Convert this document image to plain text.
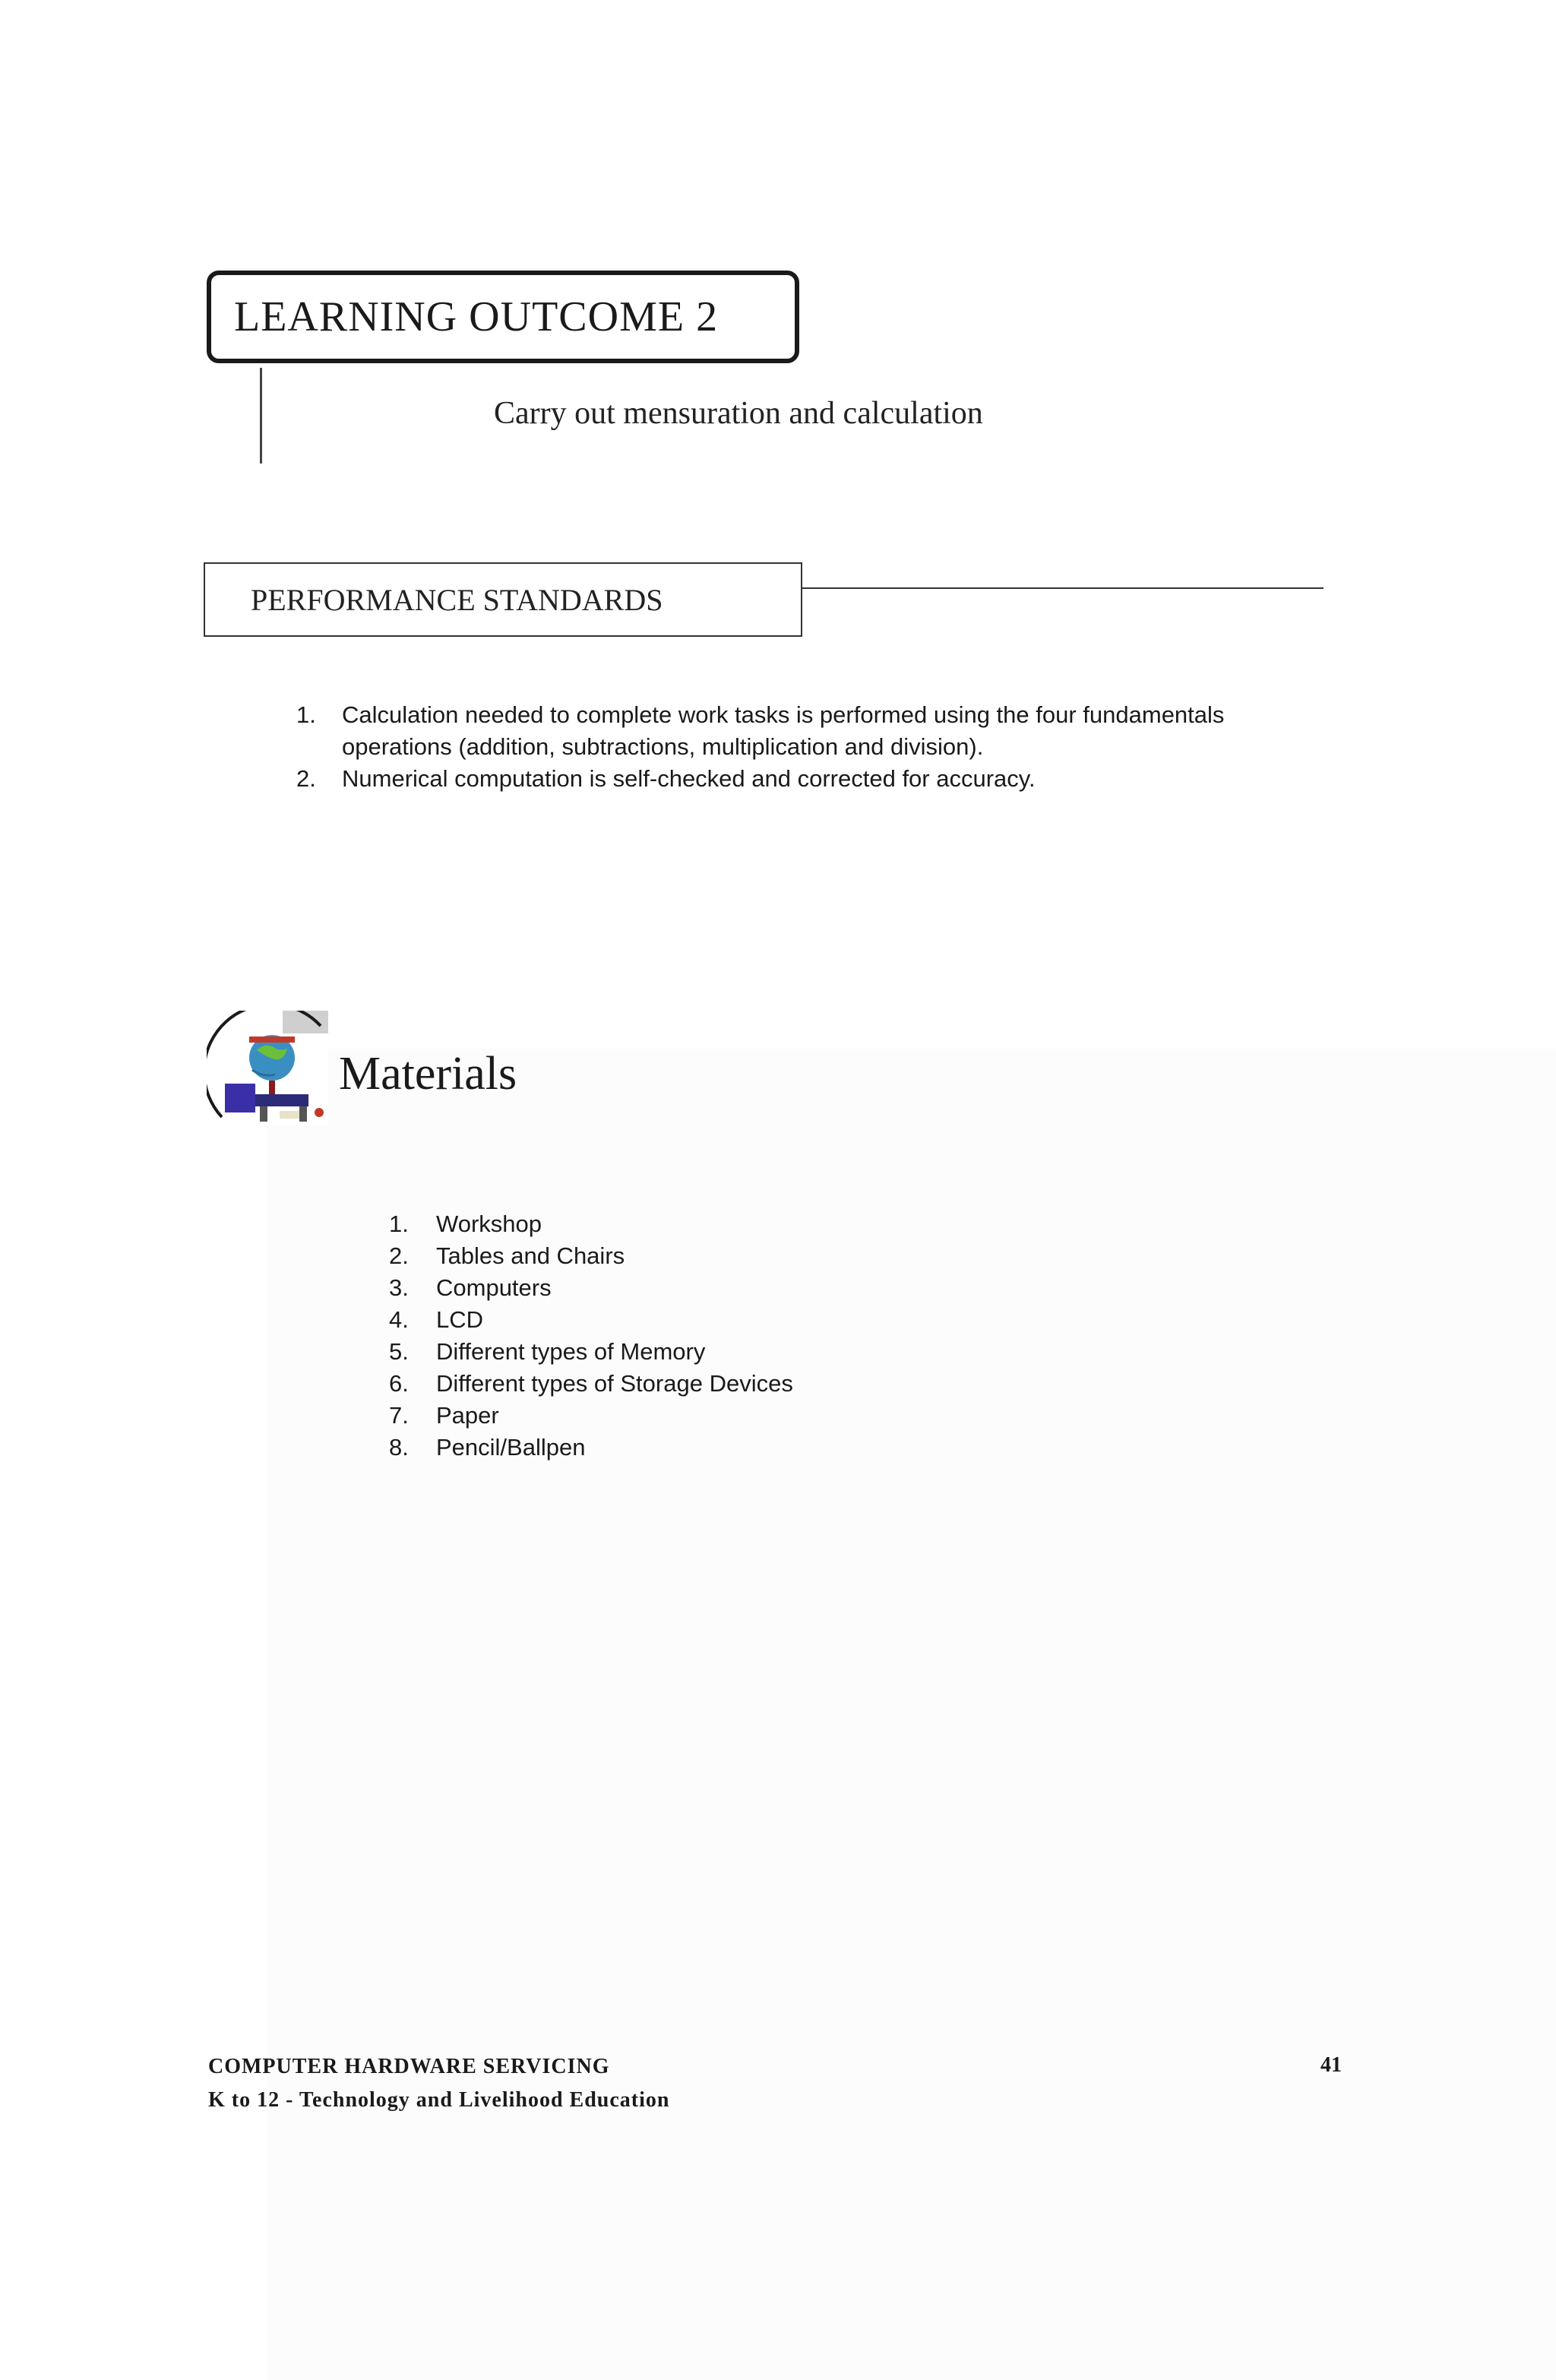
LEARNING OUTCOME 2
Carry out mensuration and calculation
PERFORMANCE STANDARDS
1.	Calculation needed to complete work tasks is performed using the four fundamentals operations (addition, subtractions, multiplication and division).
2.	Numerical computation is self-checked and corrected for accuracy.
Materials
1.	Workshop
2.	Tables and Chairs
3.	Computers
4.	LCD
5.	Different types of Memory
6.	Different types of Storage Devices
7.	Paper
8.	Pencil/Ballpen
COMPUTER HARDWARE SERVICING
K to 12 - Technology and Livelihood Education
41
